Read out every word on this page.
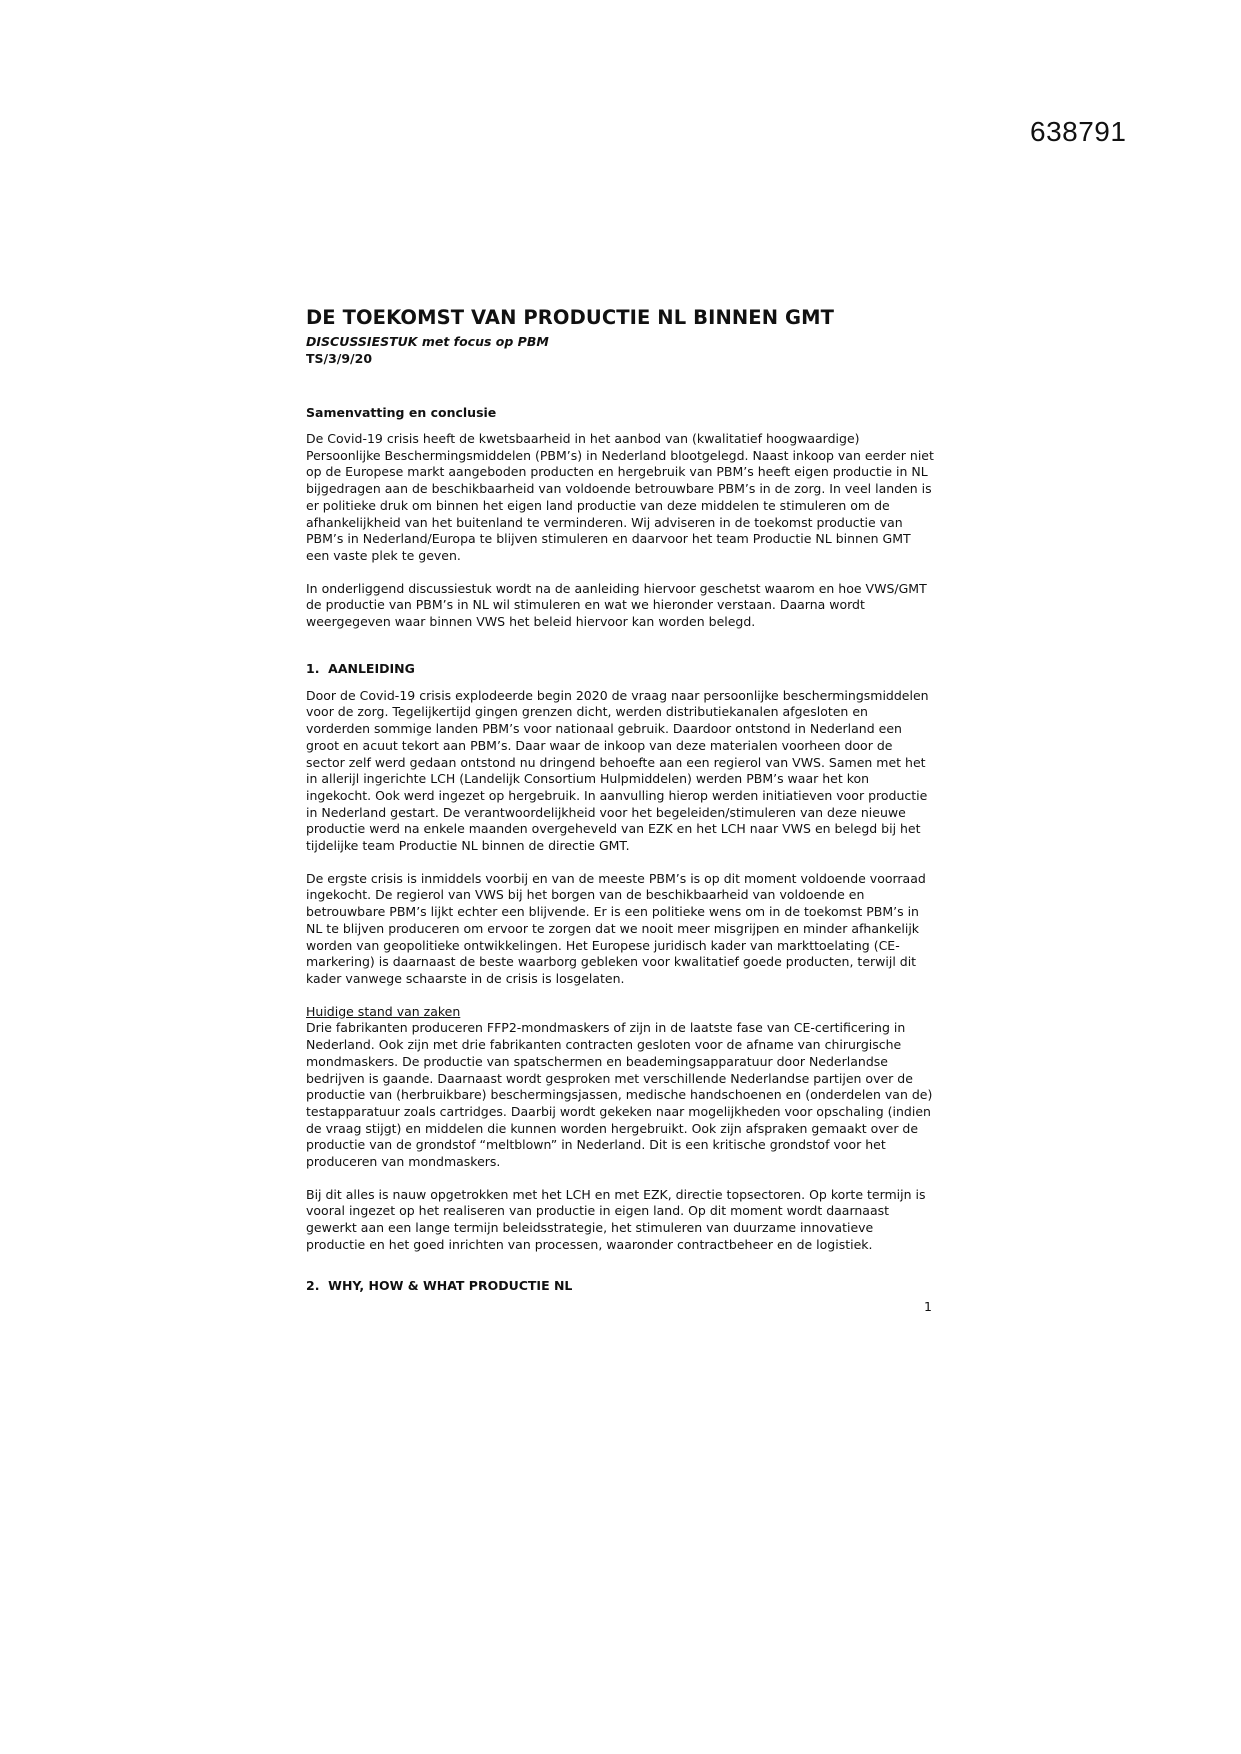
638791
DE TOEKOMST VAN PRODUCTIE NL BINNEN GMT
DISCUSSIESTUK met focus op PBM
TS/3/9/20
Samenvatting en conclusie

De Covid-19 crisis heeft de kwetsbaarheid in het aanbod van (kwalitatief hoogwaardige) Persoonlijke Beschermingsmiddelen (PBM’s) in Nederland blootgelegd. Naast inkoop van eerder niet op de Europese markt aangeboden producten en hergebruik van PBM’s heeft eigen productie in NL bijgedragen aan de beschikbaarheid van voldoende betrouwbare PBM’s in de zorg. In veel landen is er politieke druk om binnen het eigen land productie van deze middelen te stimuleren om de afhankelijkheid van het buitenland te verminderen. Wij adviseren in de toekomst productie van PBM’s in Nederland/Europa te blijven stimuleren en daarvoor het team Productie NL binnen GMT een vaste plek te geven.

In onderliggend discussiestuk wordt na de aanleiding hiervoor geschetst waarom en hoe VWS/GMT de productie van PBM’s in NL wil stimuleren en wat we hieronder verstaan. Daarna wordt weergegeven waar binnen VWS het beleid hiervoor kan worden belegd.

1.  AANLEIDING

Door de Covid-19 crisis explodeerde begin 2020 de vraag naar persoonlijke beschermingsmiddelen voor de zorg. Tegelijkertijd gingen grenzen dicht, werden distributiekanalen afgesloten en vorderden sommige landen PBM’s voor nationaal gebruik. Daardoor ontstond in Nederland een groot en acuut tekort aan PBM’s. Daar waar de inkoop van deze materialen voorheen door de sector zelf werd gedaan ontstond nu dringend behoefte aan een regierol van VWS. Samen met het in allerijl ingerichte LCH (Landelijk Consortium Hulpmiddelen) werden PBM’s waar het kon ingekocht. Ook werd ingezet op hergebruik. In aanvulling hierop werden initiatieven voor productie in Nederland gestart. De verantwoordelijkheid voor het begeleiden/stimuleren van deze nieuwe productie werd na enkele maanden overgeheveld van EZK en het LCH naar VWS en belegd bij het tijdelijke team Productie NL binnen de directie GMT.

De ergste crisis is inmiddels voorbij en van de meeste PBM’s is op dit moment voldoende voorraad ingekocht. De regierol van VWS bij het borgen van de beschikbaarheid van voldoende en betrouwbare PBM’s lijkt echter een blijvende. Er is een politieke wens om in de toekomst PBM’s in NL te blijven produceren om ervoor te zorgen dat we nooit meer misgrijpen en minder afhankelijk worden van geopolitieke ontwikkelingen. Het Europese juridisch kader van markttoelating (CE-markering) is daarnaast de beste waarborg gebleken voor kwalitatief goede producten, terwijl dit kader vanwege schaarste in de crisis is losgelaten.

Huidige stand van zaken

Drie fabrikanten produceren FFP2-mondmaskers of zijn in de laatste fase van CE-certificering in Nederland. Ook zijn met drie fabrikanten contracten gesloten voor de afname van chirurgische mondmaskers. De productie van spatschermen en beademingsapparatuur door Nederlandse bedrijven is gaande. Daarnaast wordt gesproken met verschillende Nederlandse partijen over de productie van (herbruikbare) beschermingsjassen, medische handschoenen en (onderdelen van de) testapparatuur zoals cartridges. Daarbij wordt gekeken naar mogelijkheden voor opschaling (indien de vraag stijgt) en middelen die kunnen worden hergebruikt. Ook zijn afspraken gemaakt over de productie van de grondstof “meltblown” in Nederland. Dit is een kritische grondstof voor het produceren van mondmaskers.

Bij dit alles is nauw opgetrokken met het LCH en met EZK, directie topsectoren. Op korte termijn is vooral ingezet op het realiseren van productie in eigen land. Op dit moment wordt daarnaast gewerkt aan een lange termijn beleidsstrategie, het stimuleren van duurzame innovatieve productie en het goed inrichten van processen, waaronder contractbeheer en de logistiek.

2.  WHY, HOW & WHAT PRODUCTIE NL
1
